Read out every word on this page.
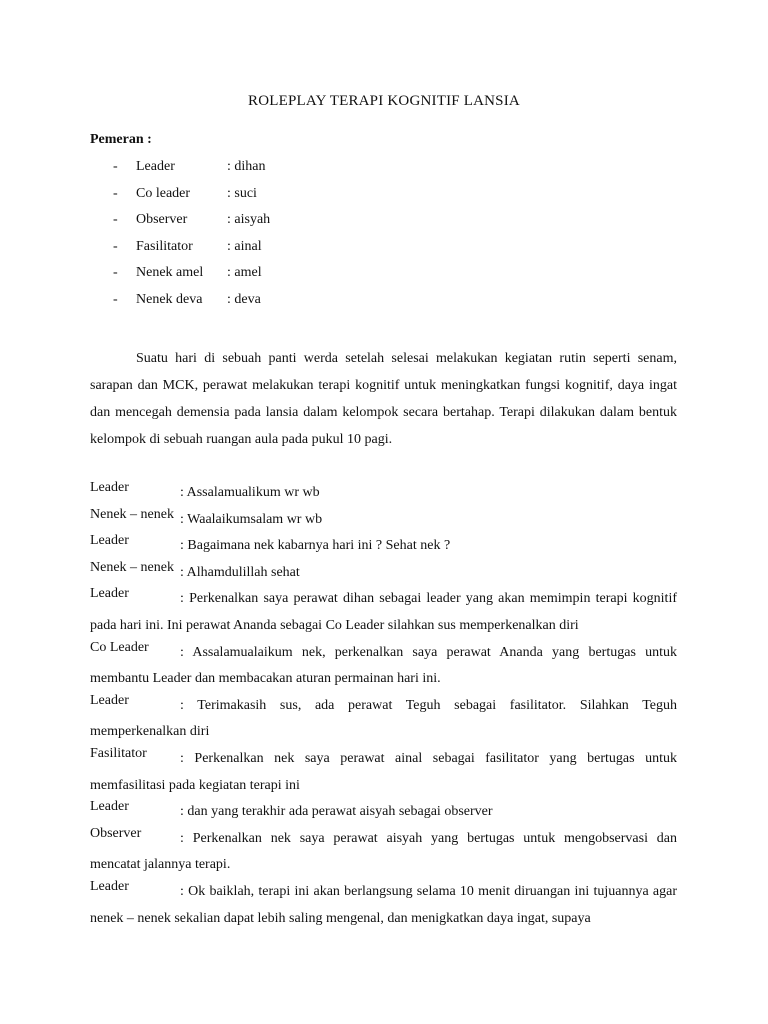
ROLEPLAY TERAPI KOGNITIF LANSIA
Pemeran :
- Leader	: dihan
- Co leader	: suci
- Observer	: aisyah
- Fasilitator : ainal
- Nenek amel : amel
- Nenek deva : deva

Suatu hari di sebuah panti werda setelah selesai melakukan kegiatan rutin seperti senam, sarapan dan MCK, perawat melakukan terapi kognitif untuk meningkatkan fungsi kognitif, daya ingat dan mencegah demensia pada lansia dalam kelompok secara bertahap. Terapi dilakukan dalam bentuk kelompok di sebuah ruangan aula pada pukul 10 pagi.

Leader	: Assalamualikum wr wb

Nenek – nenek : Waalaikumsalam wr wb

Leader	: Bagaimana nek kabarnya hari ini ? Sehat nek ?

Nenek – nenek : Alhamdulillah sehat

Leader	: Perkenalkan saya perawat dihan sebagai leader yang akan memimpin terapi kognitif pada hari ini. Ini perawat Ananda sebagai Co Leader silahkan sus memperkenalkan diri

Co Leader	: Assalamualaikum nek, perkenalkan saya perawat Ananda yang bertugas untuk membantu Leader dan membacakan aturan permainan hari ini.

Leader	: Terimakasih sus, ada perawat Teguh sebagai fasilitator. Silahkan Teguh memperkenalkan diri

Fasilitator	: Perkenalkan nek saya perawat ainal sebagai fasilitator yang bertugas untuk memfasilitasi pada kegiatan terapi ini

Leader	: dan yang terakhir ada perawat aisyah sebagai observer

Observer	: Perkenalkan nek saya perawat aisyah yang bertugas untuk mengobservasi dan mencatat jalannya terapi.

Leader	: Ok baiklah, terapi ini akan berlangsung selama 10 menit diruangan ini tujuannya agar nenek – nenek sekalian dapat lebih saling mengenal, dan menigkatkan daya ingat, supaya
